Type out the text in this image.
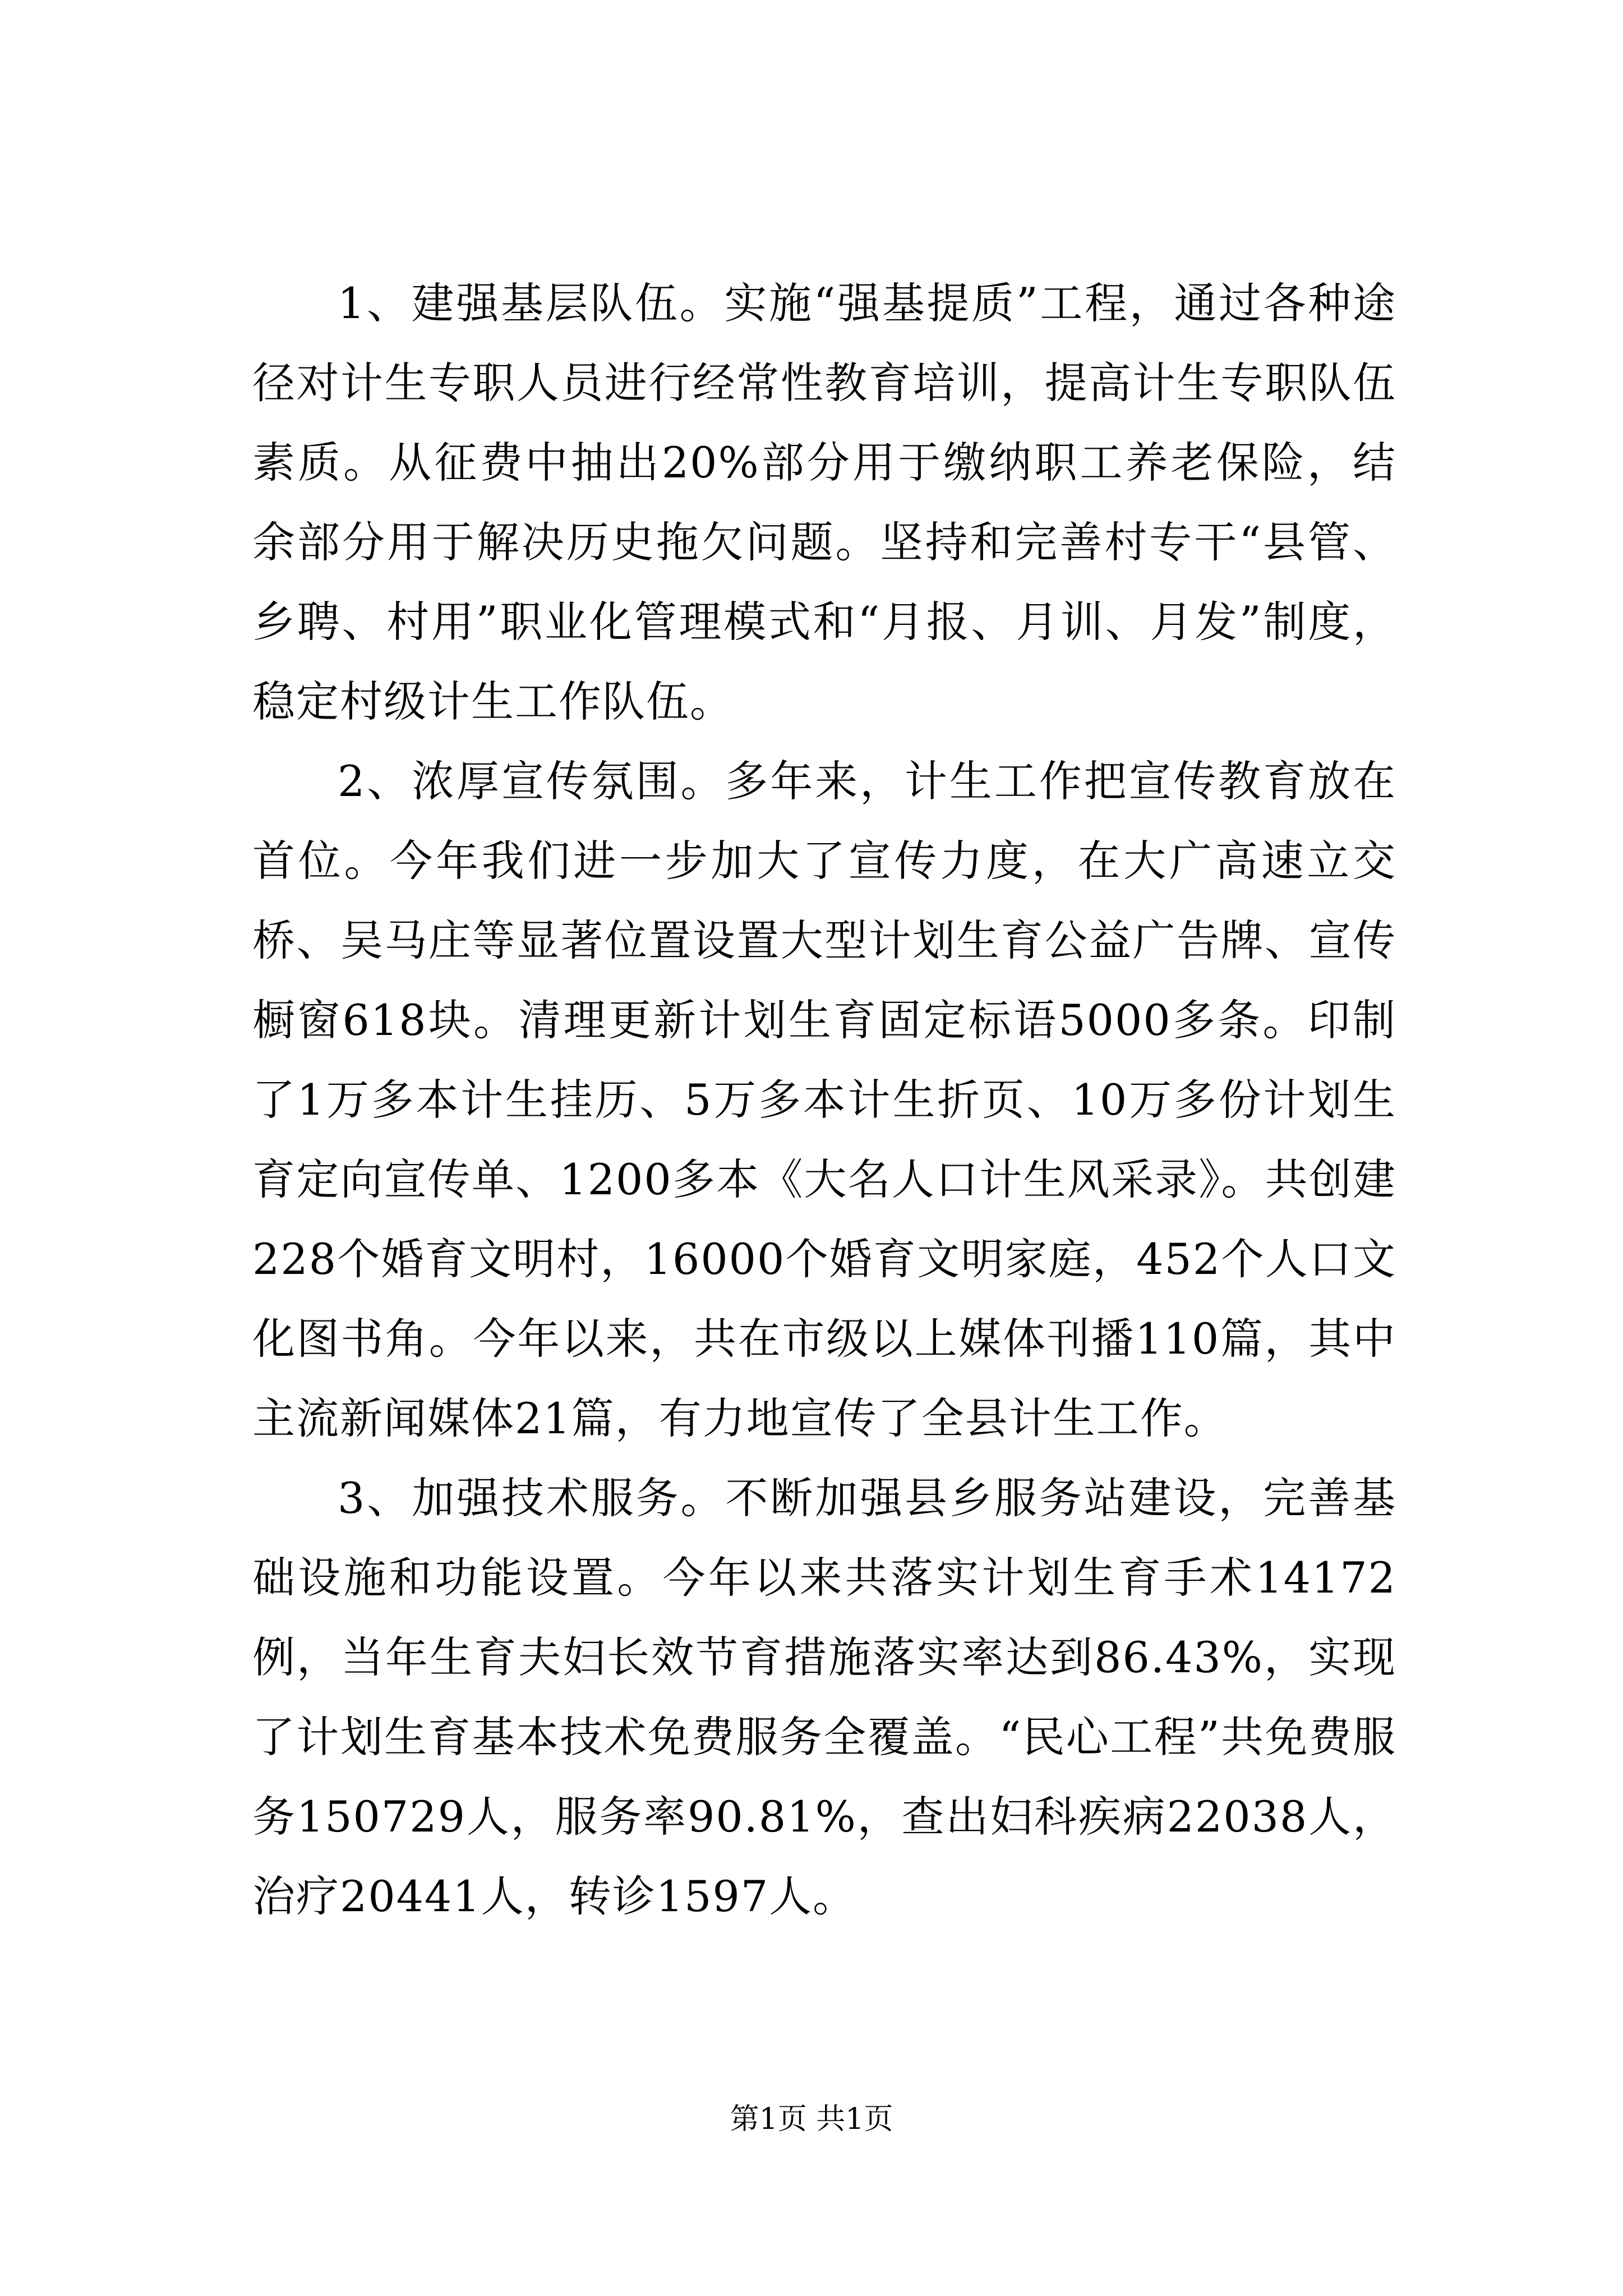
1、建强基层队伍。实施“强基提质”工程，通过各种途径对计生专职人员进行经常性教育培训，提高计生专职队伍素质。从征费中抽出20%部分用于缴纳职工养老保险，结余部分用于解决历史拖欠问题。坚持和完善村专干“县管、乡聘、村用”职业化管理模式和“月报、月训、月发”制度，稳定村级计生工作队伍。

2、浓厚宣传氛围。多年来，计生工作把宣传教育放在首位。今年我们进一步加大了宣传力度，在大广高速立交桥、吴马庄等显著位置设置大型计划生育公益广告牌、宣传橱窗618块。清理更新计划生育固定标语5000多条。印制了1万多本计生挂历、5万多本计生折页、10万多份计划生育定向宣传单、1200多本《大名人口计生风采录》。共创建228个婚育文明村，16000个婚育文明家庭，452个人口文化图书角。今年以来，共在市级以上媒体刊播110篇，其中主流新闻媒体21篇，有力地宣传了全县计生工作。

3、加强技术服务。不断加强县乡服务站建设，完善基础设施和功能设置。今年以来共落实计划生育手术14172例，当年生育夫妇长效节育措施落实率达到86.43%，实现了计划生育基本技术免费服务全覆盖。“民心工程”共免费服务150729人，服务率90.81%，查出妇科疾病22038人，治疗20441人，转诊1597人。

第1页 共1页
